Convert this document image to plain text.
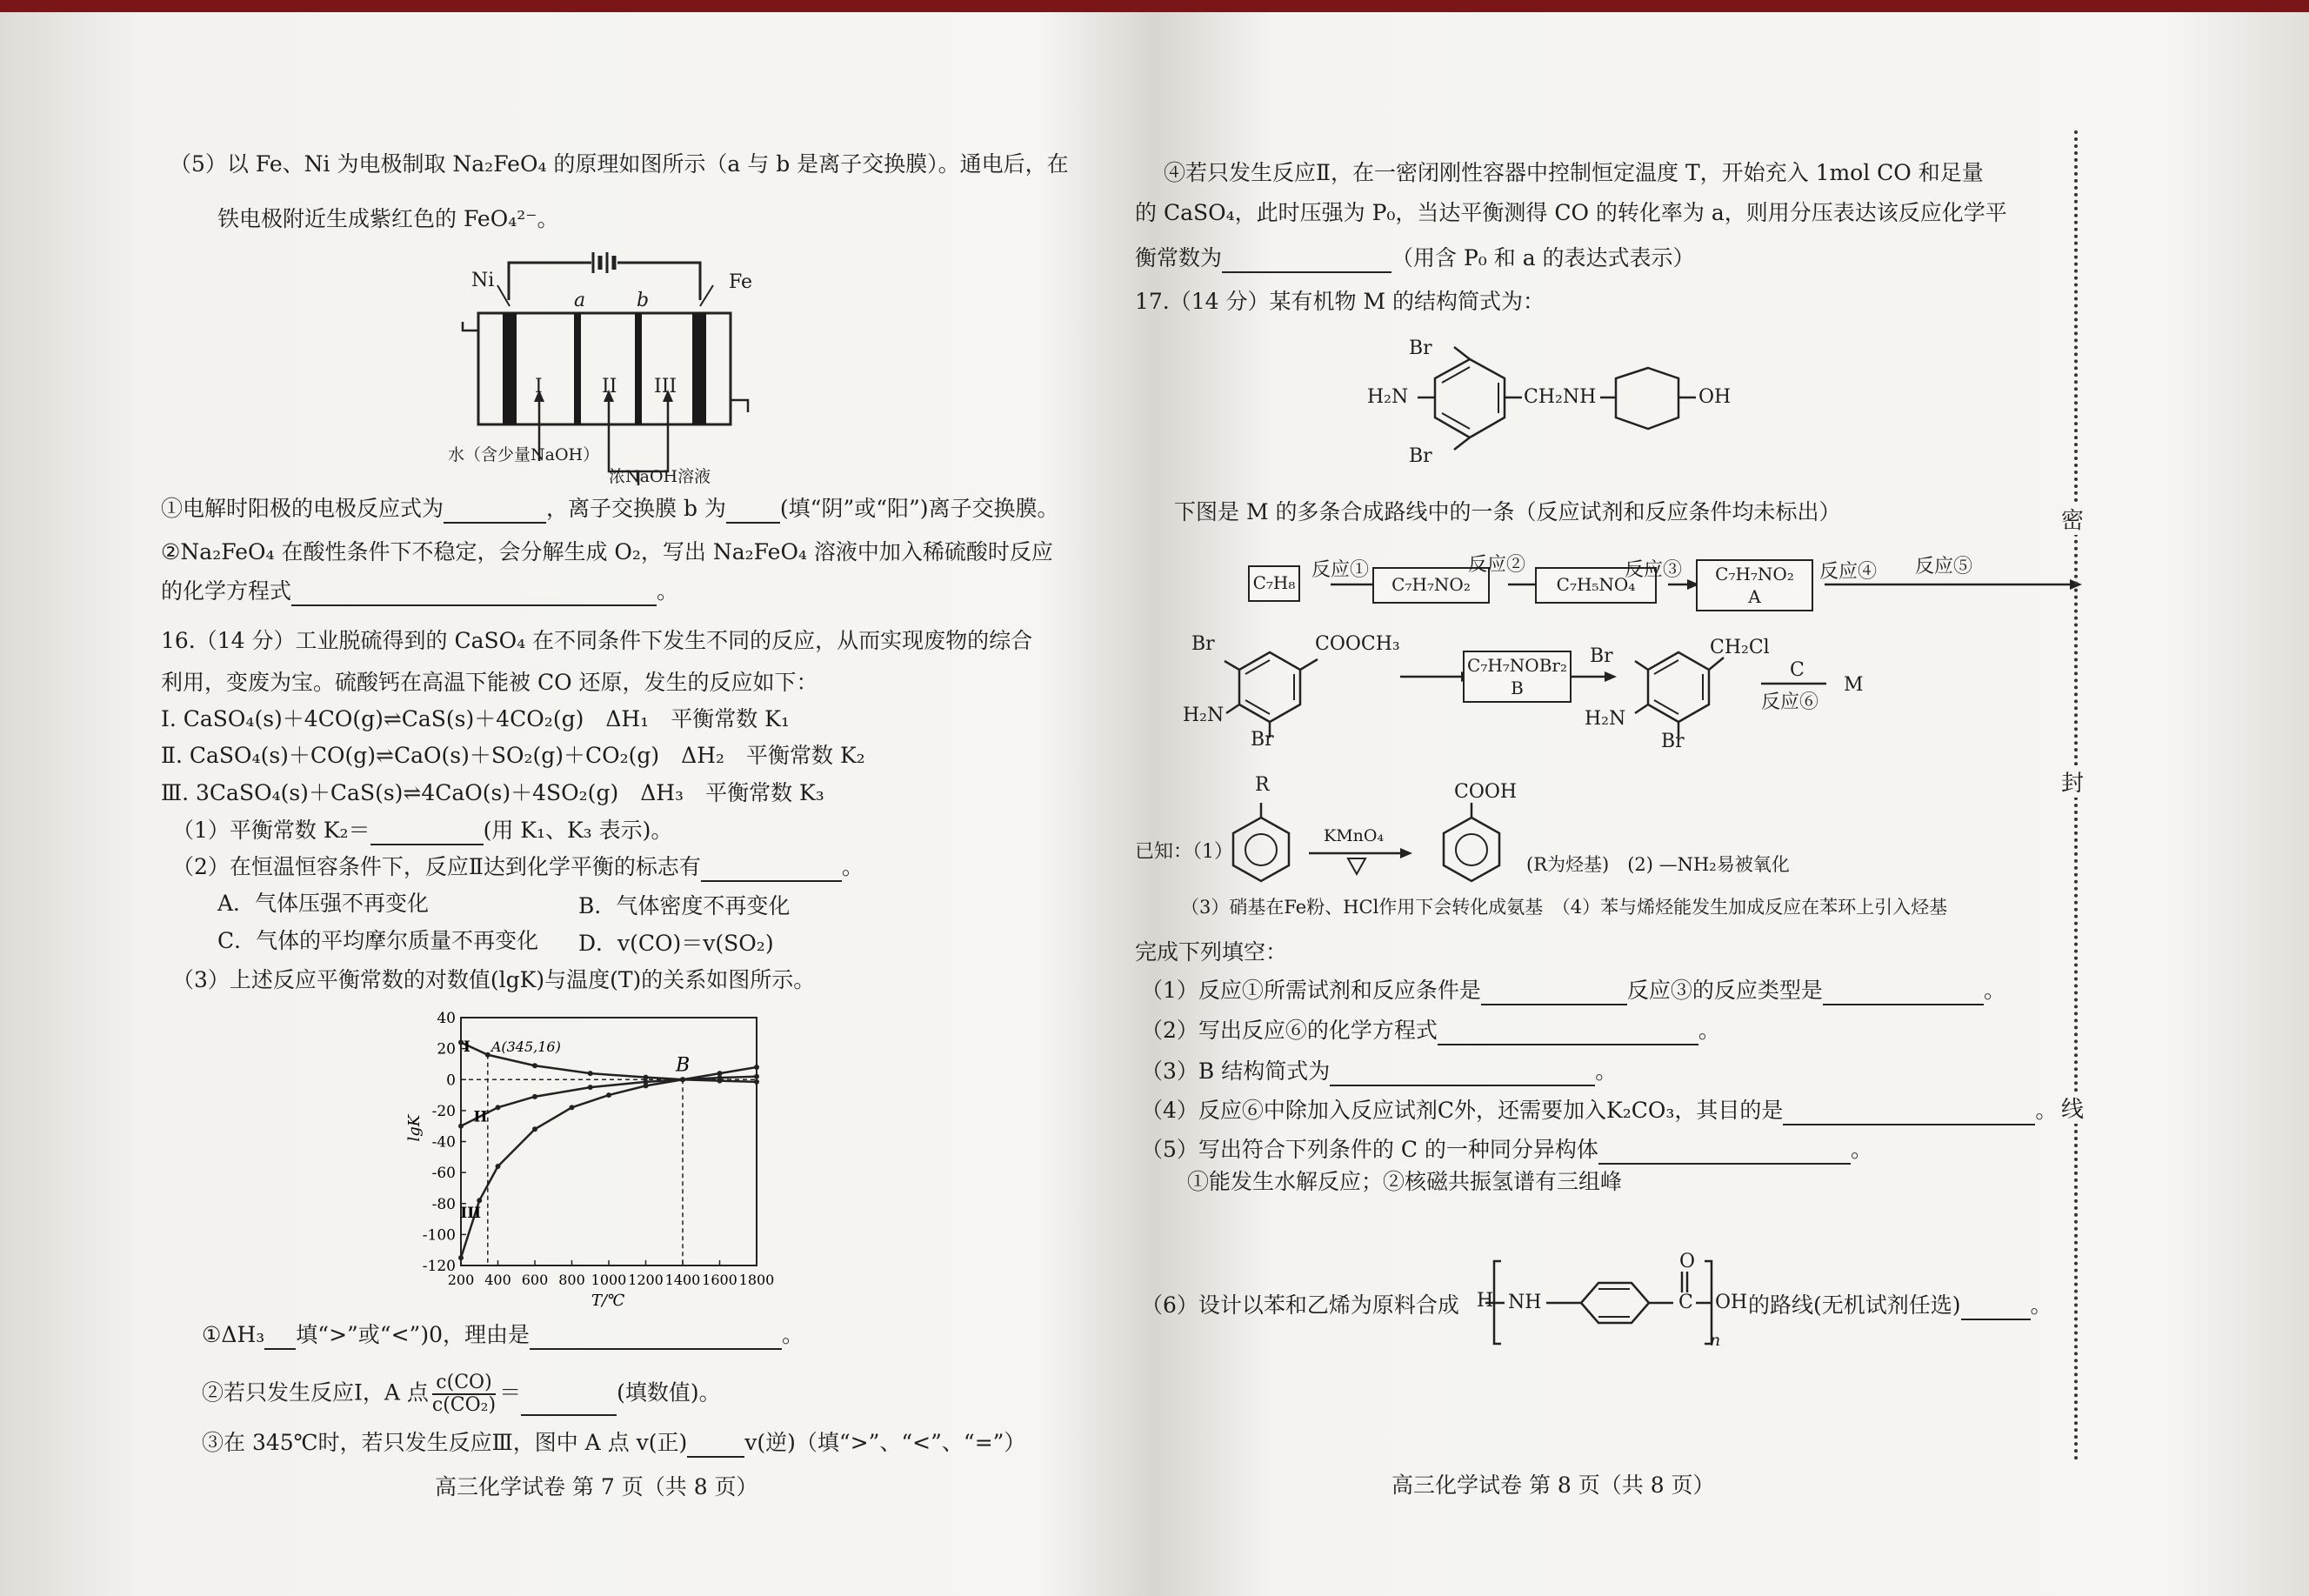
（5）以 Fe、Ni 为电极制取 Na₂FeO₄ 的原理如图所示（a 与 b 是离子交换膜）。通电后，在
铁电极附近生成紫红色的 FeO₄²⁻。
Ni	Fe
a	b
I	II III
水（含少量NaOH）
浓NaOH溶液
①电解时阳极的电极反应式为	，离子交换膜 b 为 (填“阴”或“阳”)离子交换膜。
②Na₂FeO₄ 在酸性条件下不稳定，会分解生成 O₂，写出 Na₂FeO₄ 溶液中加入稀硫酸时反应
的化学方程式	。
16.（14 分）工业脱硫得到的 CaSO₄ 在不同条件下发生不同的反应，从而实现废物的综合
利用，变废为宝。硫酸钙在高温下能被 CO 还原，发生的反应如下：
Ⅰ. CaSO₄(s)＋4CO(g)⇌CaS(s)＋4CO₂(g)　ΔH₁　平衡常数 K₁
Ⅱ. CaSO₄(s)＋CO(g)⇌CaO(s)＋SO₂(g)＋CO₂(g)　ΔH₂　平衡常数 K₂
Ⅲ. 3CaSO₄(s)＋CaS(s)⇌4CaO(s)＋4SO₂(g)　ΔH₃　平衡常数 K₃
（1）平衡常数 K₂＝	(用 K₁、K₃ 表示)。
（2）在恒温恒容条件下，反应Ⅱ达到化学平衡的标志有	。
A．气体压强不再变化	B．气体密度不再变化
C．气体的平均摩尔质量不再变化 D．v(CO)＝v(SO₂)
（3）上述反应平衡常数的对数值(lgK)与温度(T)的关系如图所示。
40
20
0
-20
-40
-60
-80
-100
-120
200 400 600 800 1000 1200 1400 1600 1800
T/℃
lgK
I
II
III
A(345,16)
B
①ΔH₃ 填“>”或“<”)0，理由是	。
②若只发生反应Ⅰ，A 点 $\frac{c(CO)}{\text{c(CO₂)}}$ ＝	(填数值)。
③在 345℃时，若只发生反应Ⅲ，图中 A 点 v(正)	v(逆)（填“>”、“<”、“=”）
高三化学试卷 第 7 页（共 8 页）
④若只发生反应Ⅱ，在一密闭刚性容器中控制恒定温度 T，开始充入 1mol CO 和足量
的 CaSO₄，此时压强为 P₀，当达平衡测得 CO 的转化率为 a，则用分压表达该反应化学平
衡常数为	（用含 P₀ 和 a 的表达式表示）
17.（14 分）某有机物 M 的结构简式为：
Br
Br
H₂N	CH₂NH	OH
下图是 M 的多条合成路线中的一条（反应试剂和反应条件均未标出）
C₇H₈
反应①
C₇H₇NO₂
反应②
C₇H₅NO₄
反应③	C₇H₇NO₂
A
反应④ 反应⑤
Br	COOCH₃
H₂N
Br
C₇H₇NOBr₂
B
Br	CH₂Cl
H₂N
Br
C
反应⑥
M
已知：（1）
R
KMnO₄
COOH
(R为烃基)　(2) —NH₂易被氧化
（3）硝基在Fe粉、HCl作用下会转化成氨基　（4）苯与烯烃能发生加成反应在苯环上引入烃基
完成下列填空：
（1）反应①所需试剂和反应条件是	反应③的反应类型是	。
（2）写出反应⑥的化学方程式	。
（3）B 结构简式为	。
（4）反应⑥中除加入反应试剂C外，还需要加入K₂CO₃，其目的是	。
（5）写出符合下列条件的 C 的一种同分异构体	。
①能发生水解反应；②核磁共振氢谱有三组峰
（6）设计以苯和乙烯为原料合成 H NH
O
C OH
n
的路线(无机试剂任选)	。
高三化学试卷 第 8 页（共 8 页）
密
封
线
